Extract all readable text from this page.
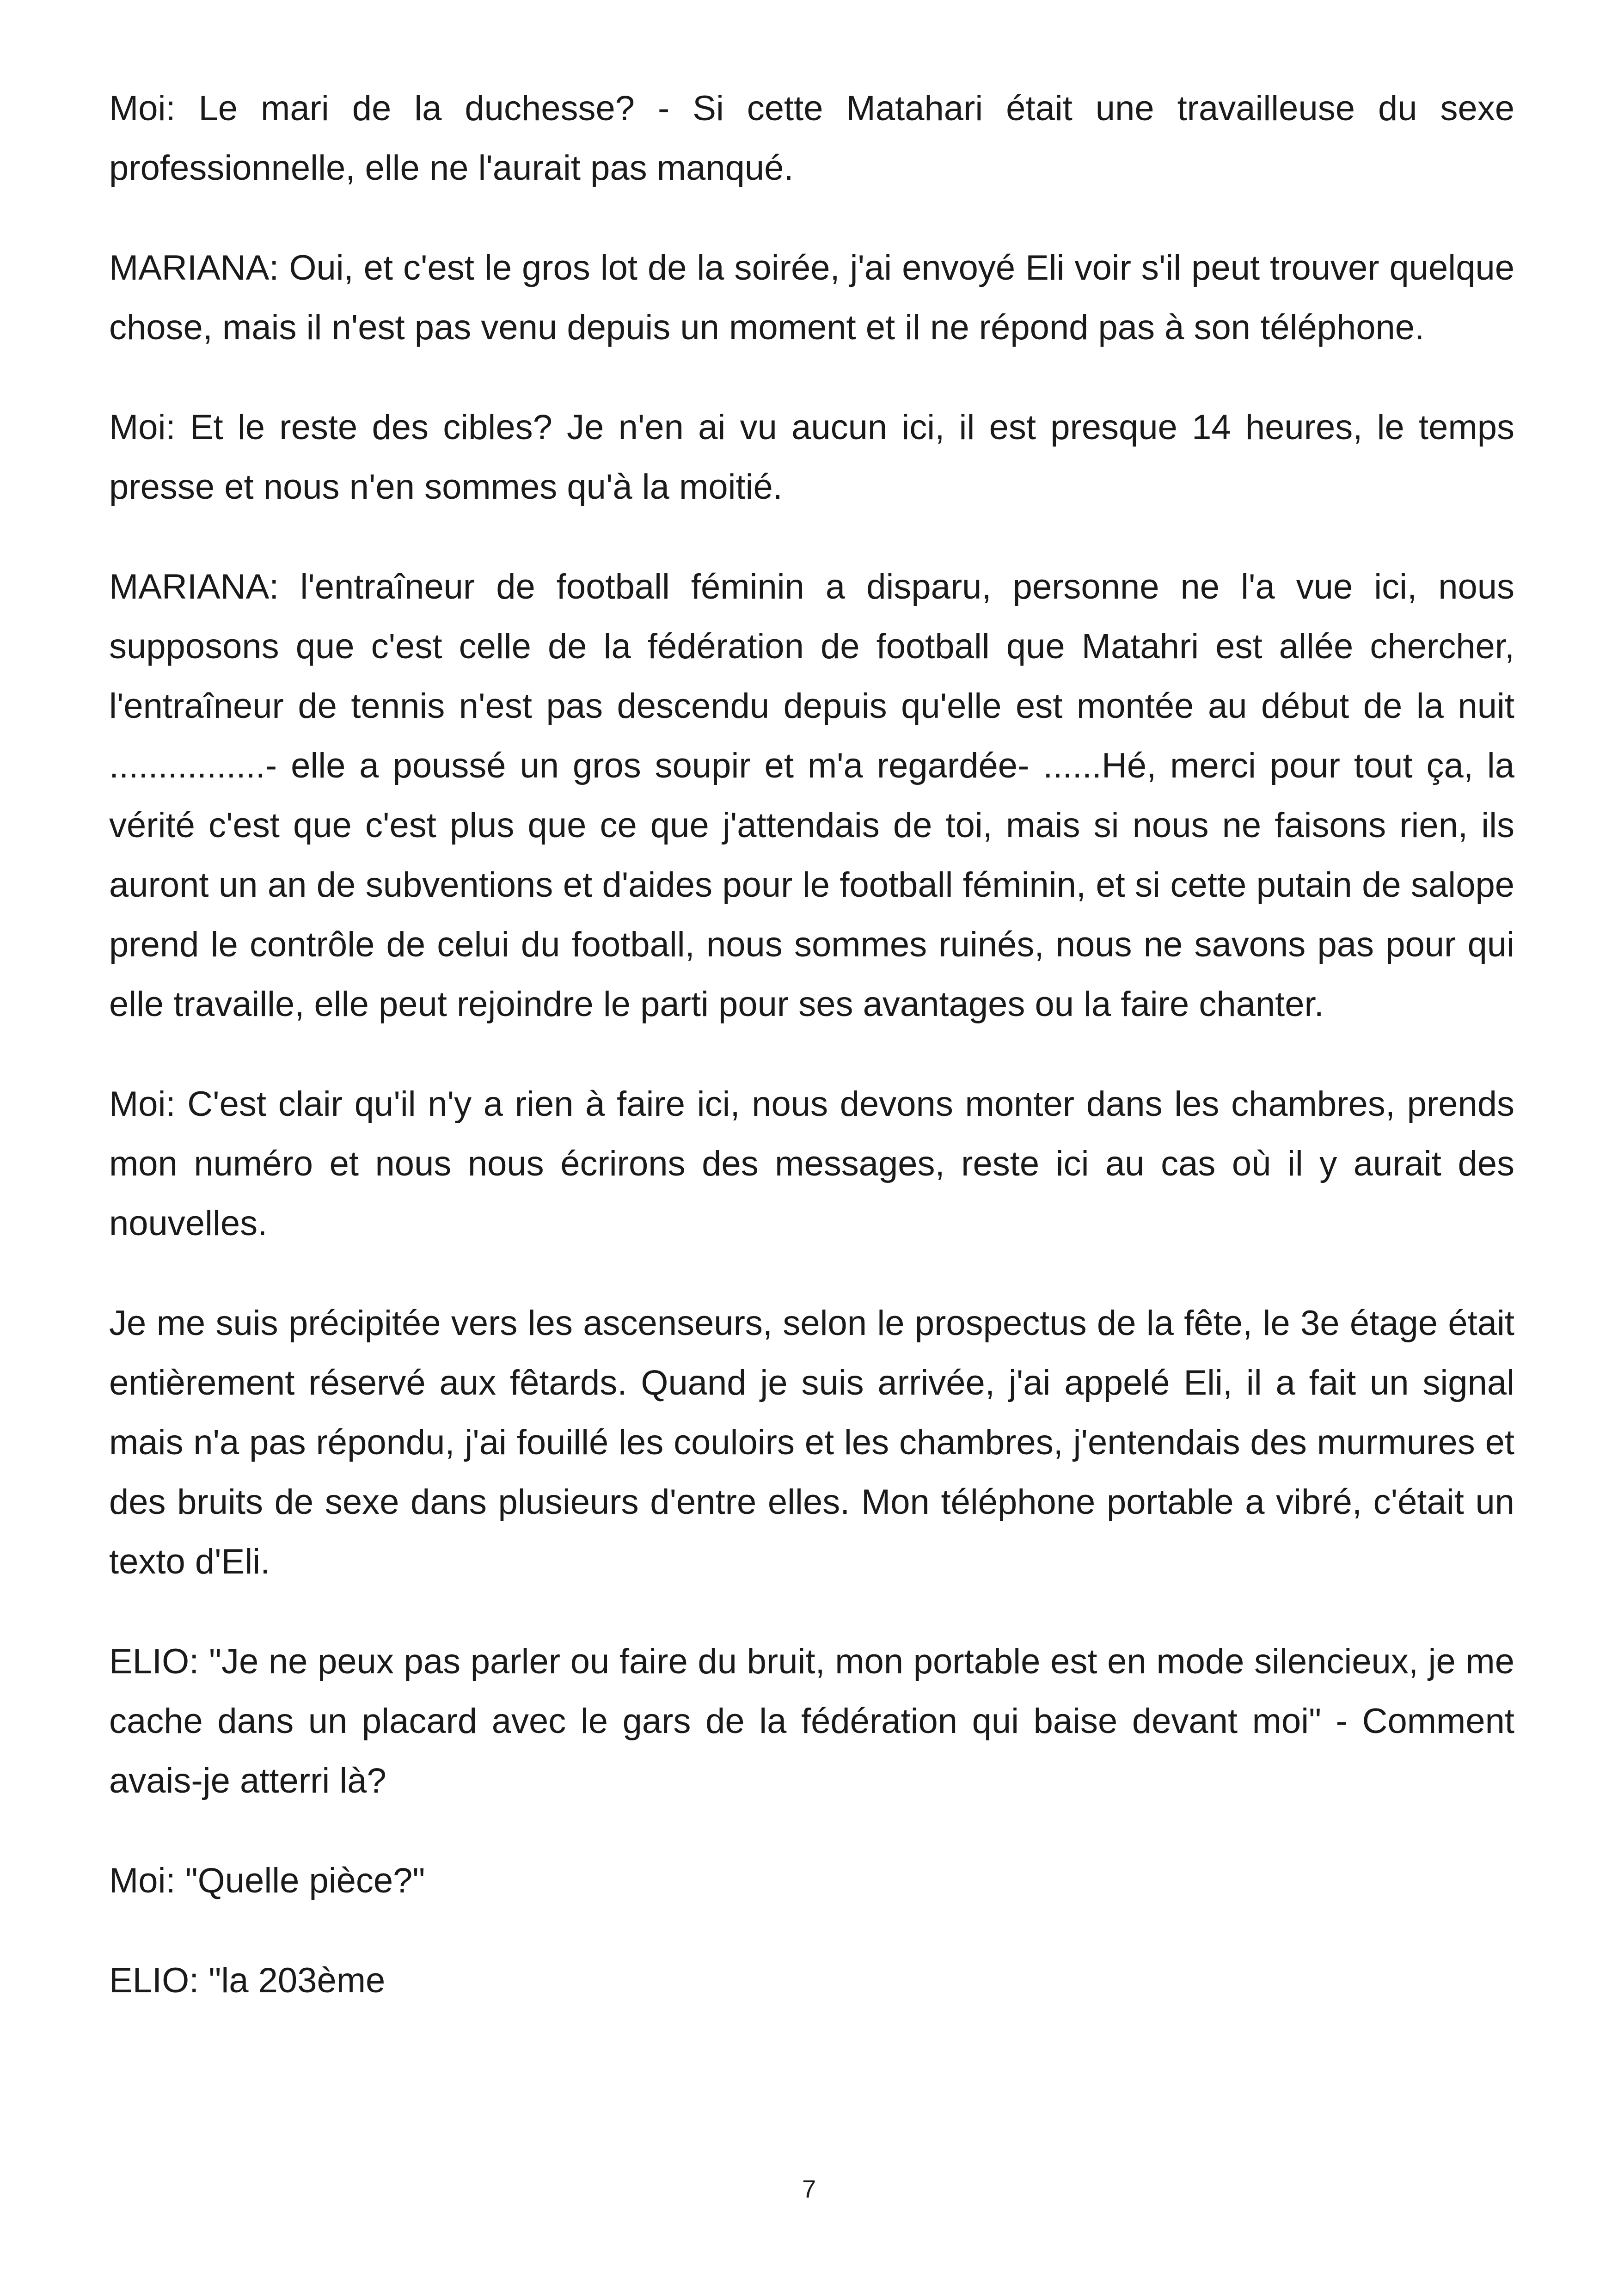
Moi: Le mari de la duchesse? - Si cette Matahari était une travailleuse du sexe professionnelle, elle ne l'aurait pas manqué.

MARIANA: Oui, et c'est le gros lot de la soirée, j'ai envoyé Eli voir s'il peut trouver quelque chose, mais il n'est pas venu depuis un moment et il ne répond pas à son téléphone.

Moi: Et le reste des cibles? Je n'en ai vu aucun ici, il est presque 14 heures, le temps presse et nous n'en sommes qu'à la moitié.

MARIANA: l'entraîneur de football féminin a disparu, personne ne l'a vue ici, nous supposons que c'est celle de la fédération de football que Matahri est allée chercher, l'entraîneur de tennis n'est pas descendu depuis qu'elle est montée au début de la nuit ................- elle a poussé un gros soupir et m'a regardée- ......Hé, merci pour tout ça, la vérité c'est que c'est plus que ce que j'attendais de toi, mais si nous ne faisons rien, ils auront un an de subventions et d'aides pour le football féminin, et si cette putain de salope prend le contrôle de celui du football, nous sommes ruinés, nous ne savons pas pour qui elle travaille, elle peut rejoindre le parti pour ses avantages ou la faire chanter.

Moi: C'est clair qu'il n'y a rien à faire ici, nous devons monter dans les chambres, prends mon numéro et nous nous écrirons des messages, reste ici au cas où il y aurait des nouvelles.

Je me suis précipitée vers les ascenseurs, selon le prospectus de la fête, le 3e étage était entièrement réservé aux fêtards. Quand je suis arrivée, j'ai appelé Eli, il a fait un signal mais n'a pas répondu, j'ai fouillé les couloirs et les chambres, j'entendais des murmures et des bruits de sexe dans plusieurs d'entre elles. Mon téléphone portable a vibré, c'était un texto d'Eli.

ELIO: "Je ne peux pas parler ou faire du bruit, mon portable est en mode silencieux, je me cache dans un placard avec le gars de la fédération qui baise devant moi" - Comment avais-je atterri là?

Moi: "Quelle pièce?"

ELIO: "la 203ème

7
